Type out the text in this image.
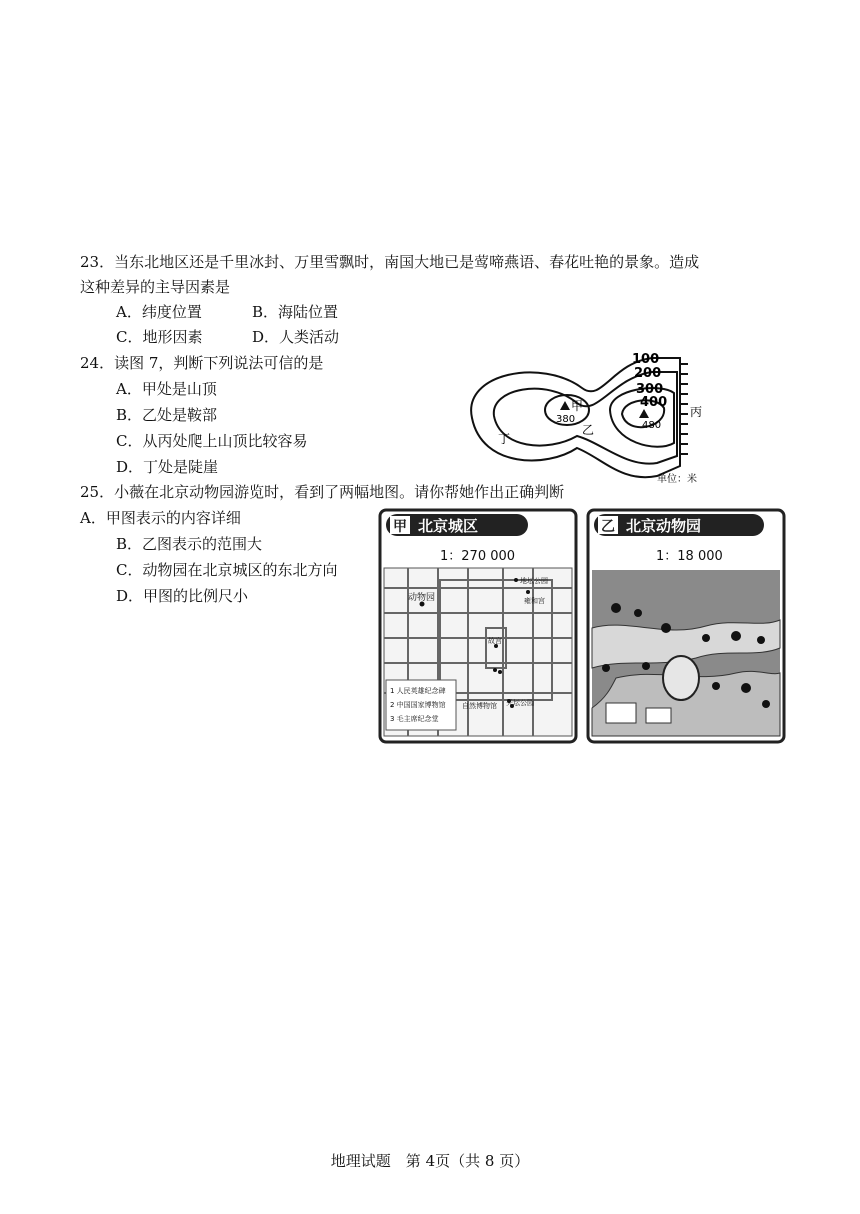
23．当东北地区还是千里冰封、万里雪飘时，南国大地已是莺啼燕语、春花吐艳的景象。造成
这种差异的主导因素是
A．纬度位置	B．海陆位置
C．地形因素	D．人类活动
24．读图 7，判断下列说法可信的是
A．甲处是山顶
B．乙处是鞍部
C．从丙处爬上山顶比较容易
D．丁处是陡崖
100
200
300
400
甲
380
480
乙
丙
丁
单位：米
25．小薇在北京动物园游览时，看到了两幅地图。请你帮她作出正确判断
A．甲图表示的内容详细
B．乙图表示的范围大
C．动物园在北京城区的东北方向
D．甲图的比例尺小
甲 北京城区
1：270 000
动物园
地坛公园
雍和宫
故宫
自然博物馆 天坛公园
1 人民英雄纪念碑
2 中国国家博物馆
3 毛主席纪念堂
乙 北京动物园
1：18 000
地理试题　第 4页（共 8 页）
